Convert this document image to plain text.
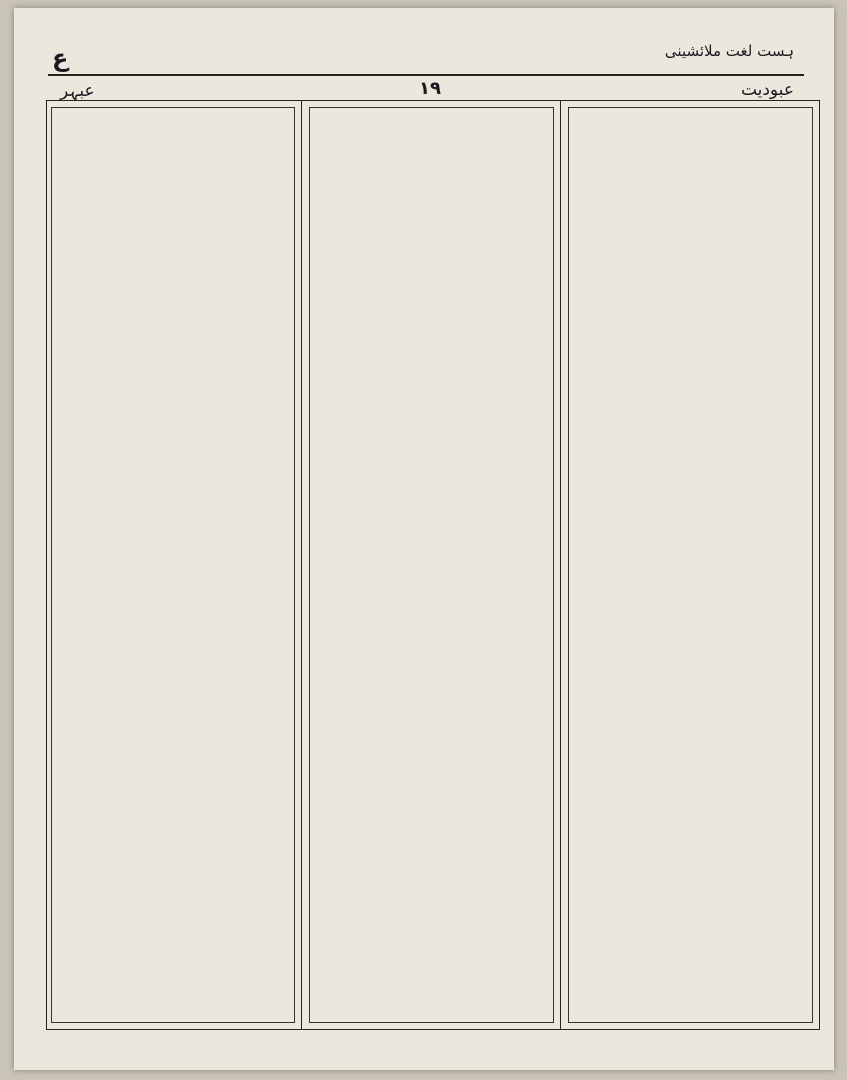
ع	ہست لغت ملائشینی
عبودیت
۱۹
عبہر
